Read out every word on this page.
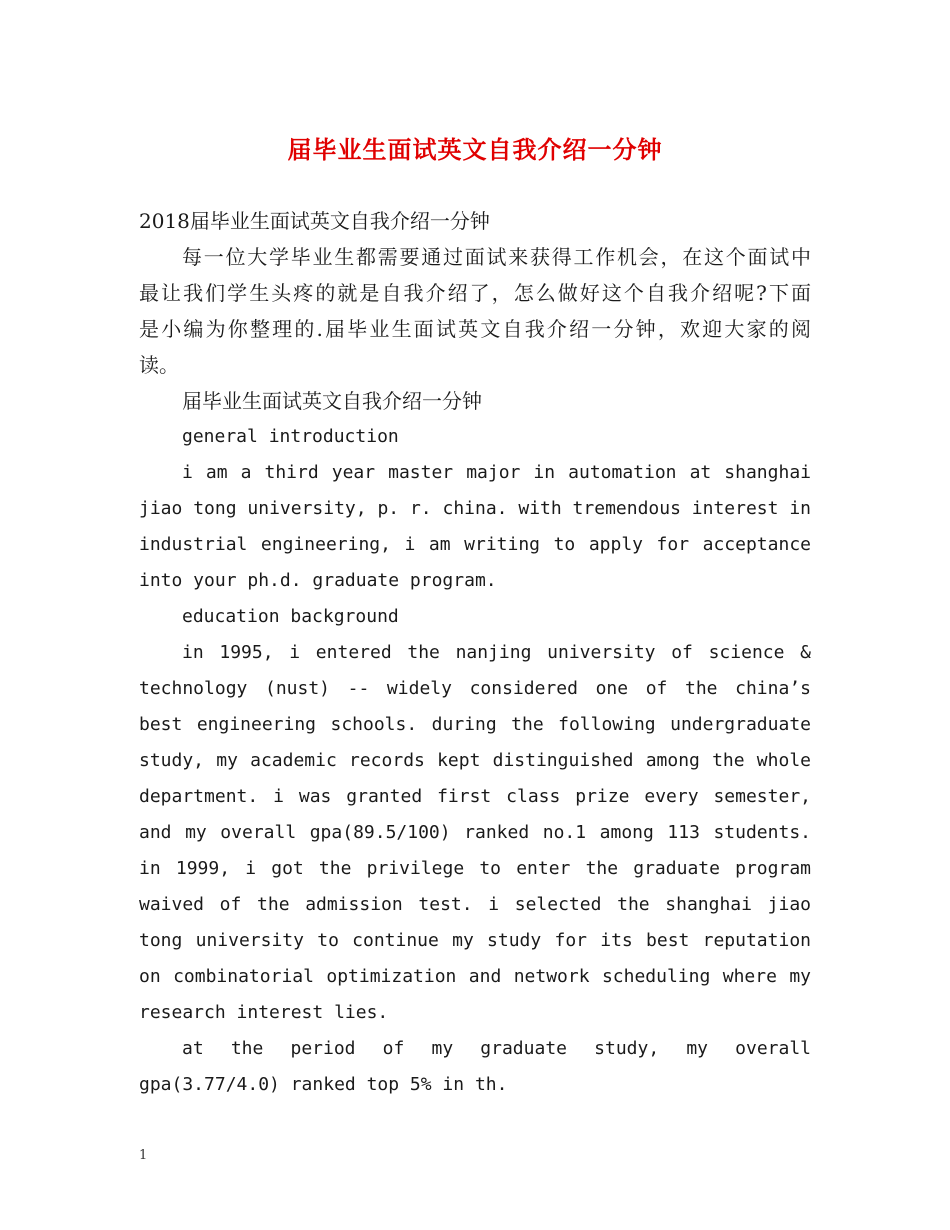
届毕业生面试英文自我介绍一分钟

2018届毕业生面试英文自我介绍一分钟

每一位大学毕业生都需要通过面试来获得工作机会，在这个面试中

最让我们学生头疼的就是自我介绍了，怎么做好这个自我介绍呢?下面

是小编为你整理的.届毕业生面试英文自我介绍一分钟，欢迎大家的阅

读。

届毕业生面试英文自我介绍一分钟

general introduction

i am a third year master major in automation at shanghai

jiao tong university, p. r. china. with tremendous interest in

industrial engineering, i am writing to apply for acceptance

into your ph.d. graduate program.

education background

in 1995, i entered the nanjing university of science &

technology (nust) -- widely considered one of the china’s

best engineering schools. during the following undergraduate

study, my academic records kept distinguished among the whole

department. i was granted first class prize every semester,

and my overall gpa(89.5/100) ranked no.1 among 113 students.

in 1999, i got the privilege to enter the graduate program

waived of the admission test. i selected the shanghai jiao

tong university to continue my study for its best reputation

on combinatorial optimization and network scheduling where my

research interest lies.

at the period of my graduate study, my overall

gpa(3.77/4.0) ranked top 5% in th.

1
